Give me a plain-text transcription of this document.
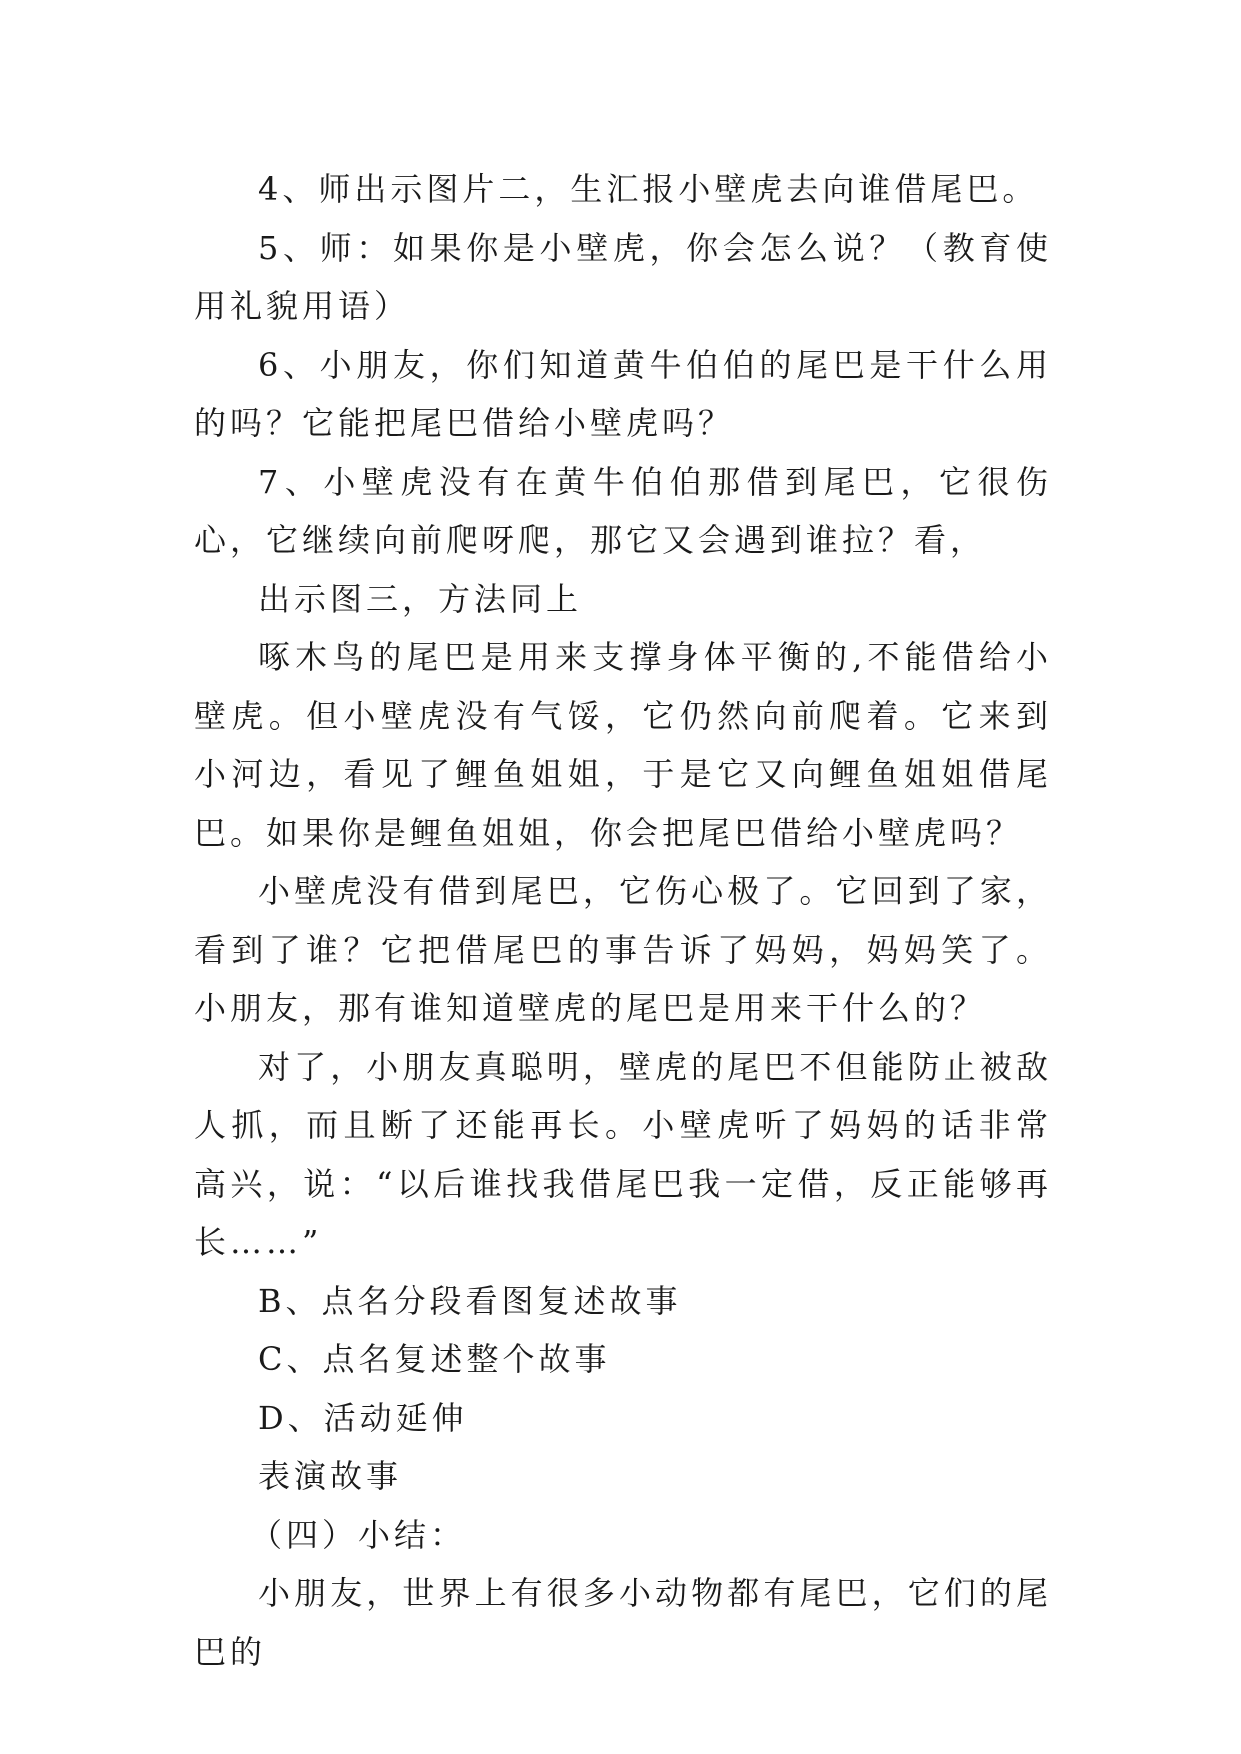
4、师出示图片二，生汇报小壁虎去向谁借尾巴。

5、师：如果你是小壁虎，你会怎么说？（教育使用礼貌用语）

6、小朋友，你们知道黄牛伯伯的尾巴是干什么用的吗？它能把尾巴借给小壁虎吗？

7、小壁虎没有在黄牛伯伯那借到尾巴，它很伤心，它继续向前爬呀爬，那它又会遇到谁拉？看，

出示图三，方法同上

啄木鸟的尾巴是用来支撑身体平衡的,不能借给小壁虎。但小壁虎没有气馁，它仍然向前爬着。它来到小河边，看见了鲤鱼姐姐，于是它又向鲤鱼姐姐借尾巴。如果你是鲤鱼姐姐，你会把尾巴借给小壁虎吗？

小壁虎没有借到尾巴，它伤心极了。它回到了家，看到了谁？它把借尾巴的事告诉了妈妈，妈妈笑了。小朋友，那有谁知道壁虎的尾巴是用来干什么的？

对了，小朋友真聪明，壁虎的尾巴不但能防止被敌人抓，而且断了还能再长。小壁虎听了妈妈的话非常高兴，说：“以后谁找我借尾巴我一定借，反正能够再长……”

B、点名分段看图复述故事

C、点名复述整个故事

D、活动延伸

表演故事

（四）小结：

小朋友，世界上有很多小动物都有尾巴，它们的尾巴的
